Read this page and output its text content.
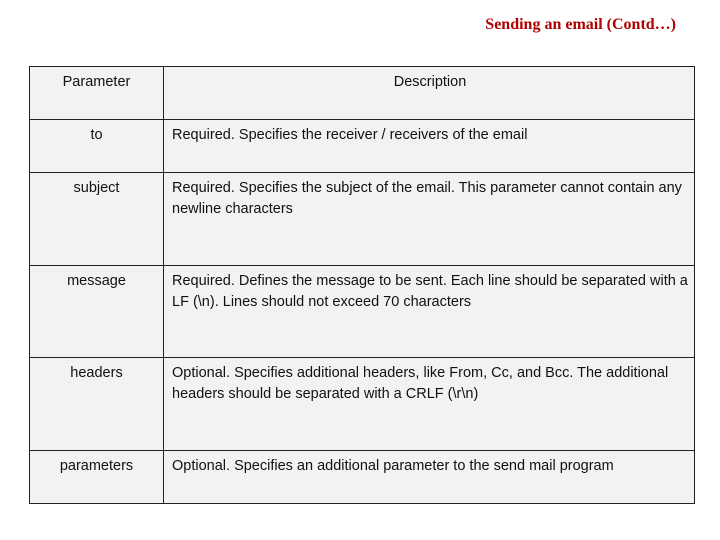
Sending an email (Contd…)
Parameter	Description
to	Required. Specifies the receiver / receivers of the email
subject	Required. Specifies the subject of the email. This parameter cannot contain any newline characters
message	Required. Defines the message to be sent. Each line should be separated with a LF (\n). Lines should not exceed 70 characters
headers	Optional. Specifies additional headers, like From, Cc, and Bcc. The additional headers should be separated with a CRLF (\r\n)
parameters	Optional. Specifies an additional parameter to the send mail program
